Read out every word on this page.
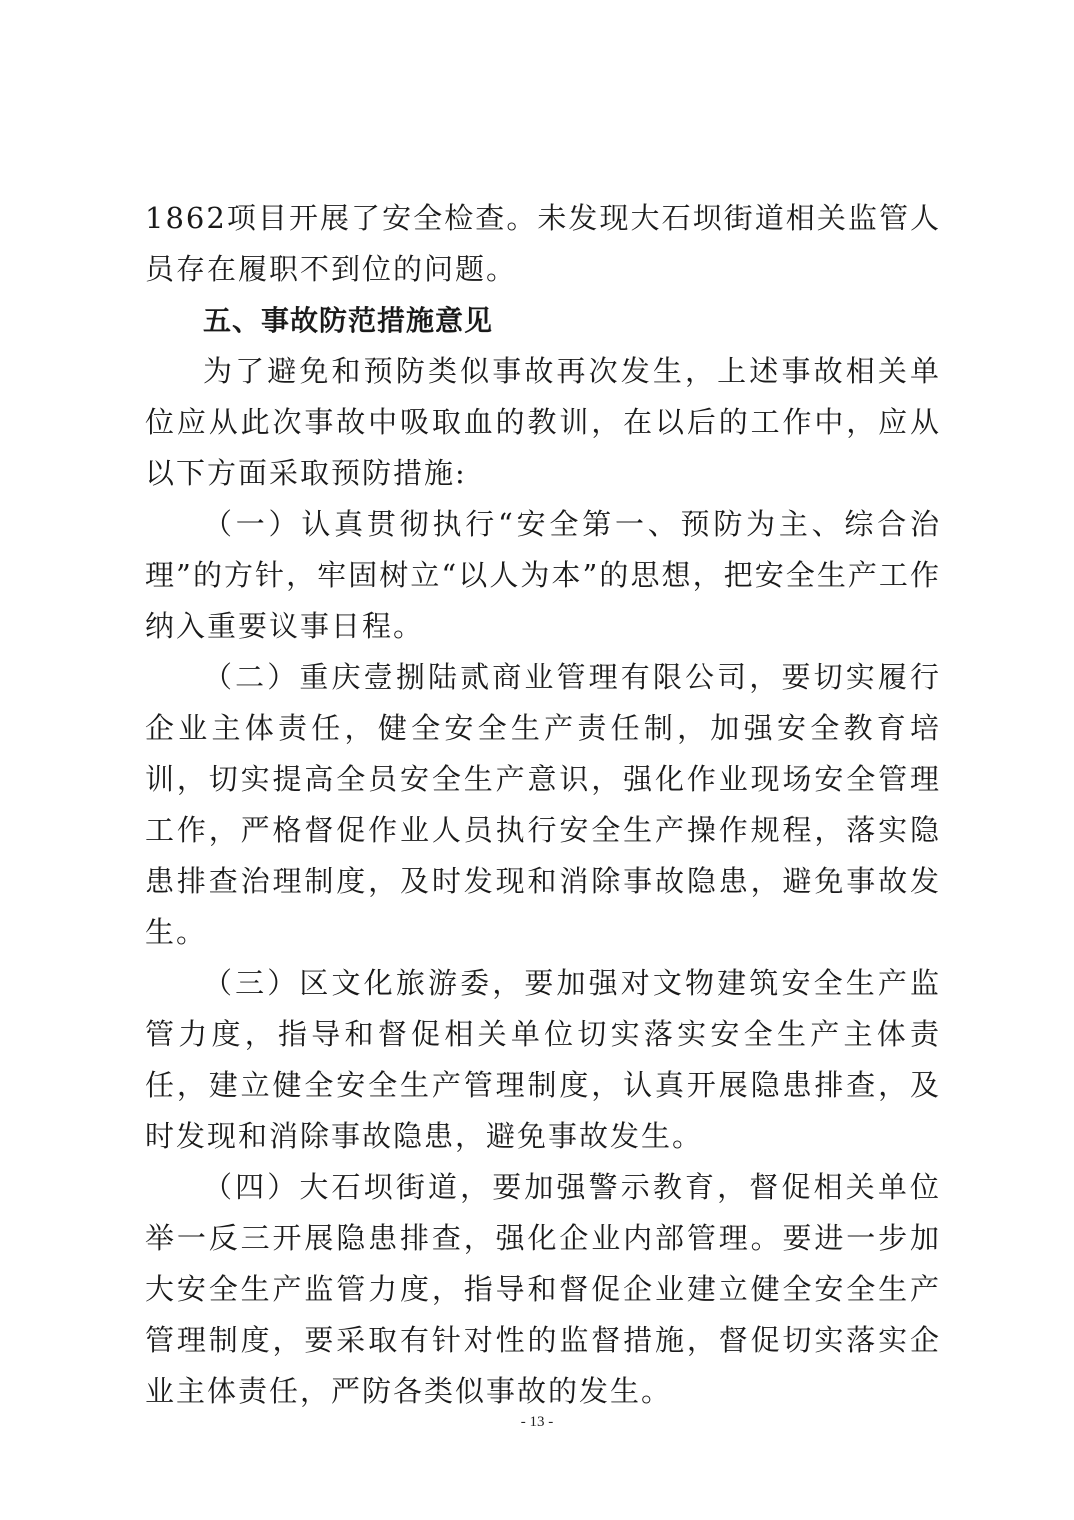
1862项目开展了安全检查。未发现大石坝街道相关监管人员存在履职不到位的问题。

五、事故防范措施意见

为了避免和预防类似事故再次发生，上述事故相关单位应从此次事故中吸取血的教训，在以后的工作中，应从以下方面采取预防措施:

（一）认真贯彻执行“安全第一、预防为主、综合治理”的方针，牢固树立“以人为本”的思想，把安全生产工作纳入重要议事日程。

（二）重庆壹捌陆贰商业管理有限公司，要切实履行企业主体责任，健全安全生产责任制，加强安全教育培训，切实提高全员安全生产意识，强化作业现场安全管理工作，严格督促作业人员执行安全生产操作规程，落实隐患排查治理制度，及时发现和消除事故隐患，避免事故发生。

（三）区文化旅游委，要加强对文物建筑安全生产监管力度，指导和督促相关单位切实落实安全生产主体责任，建立健全安全生产管理制度，认真开展隐患排查，及时发现和消除事故隐患，避免事故发生。

（四）大石坝街道，要加强警示教育，督促相关单位举一反三开展隐患排查，强化企业内部管理。要进一步加大安全生产监管力度，指导和督促企业建立健全安全生产管理制度，要采取有针对性的监督措施，督促切实落实企业主体责任，严防各类似事故的发生。

- 13 -
